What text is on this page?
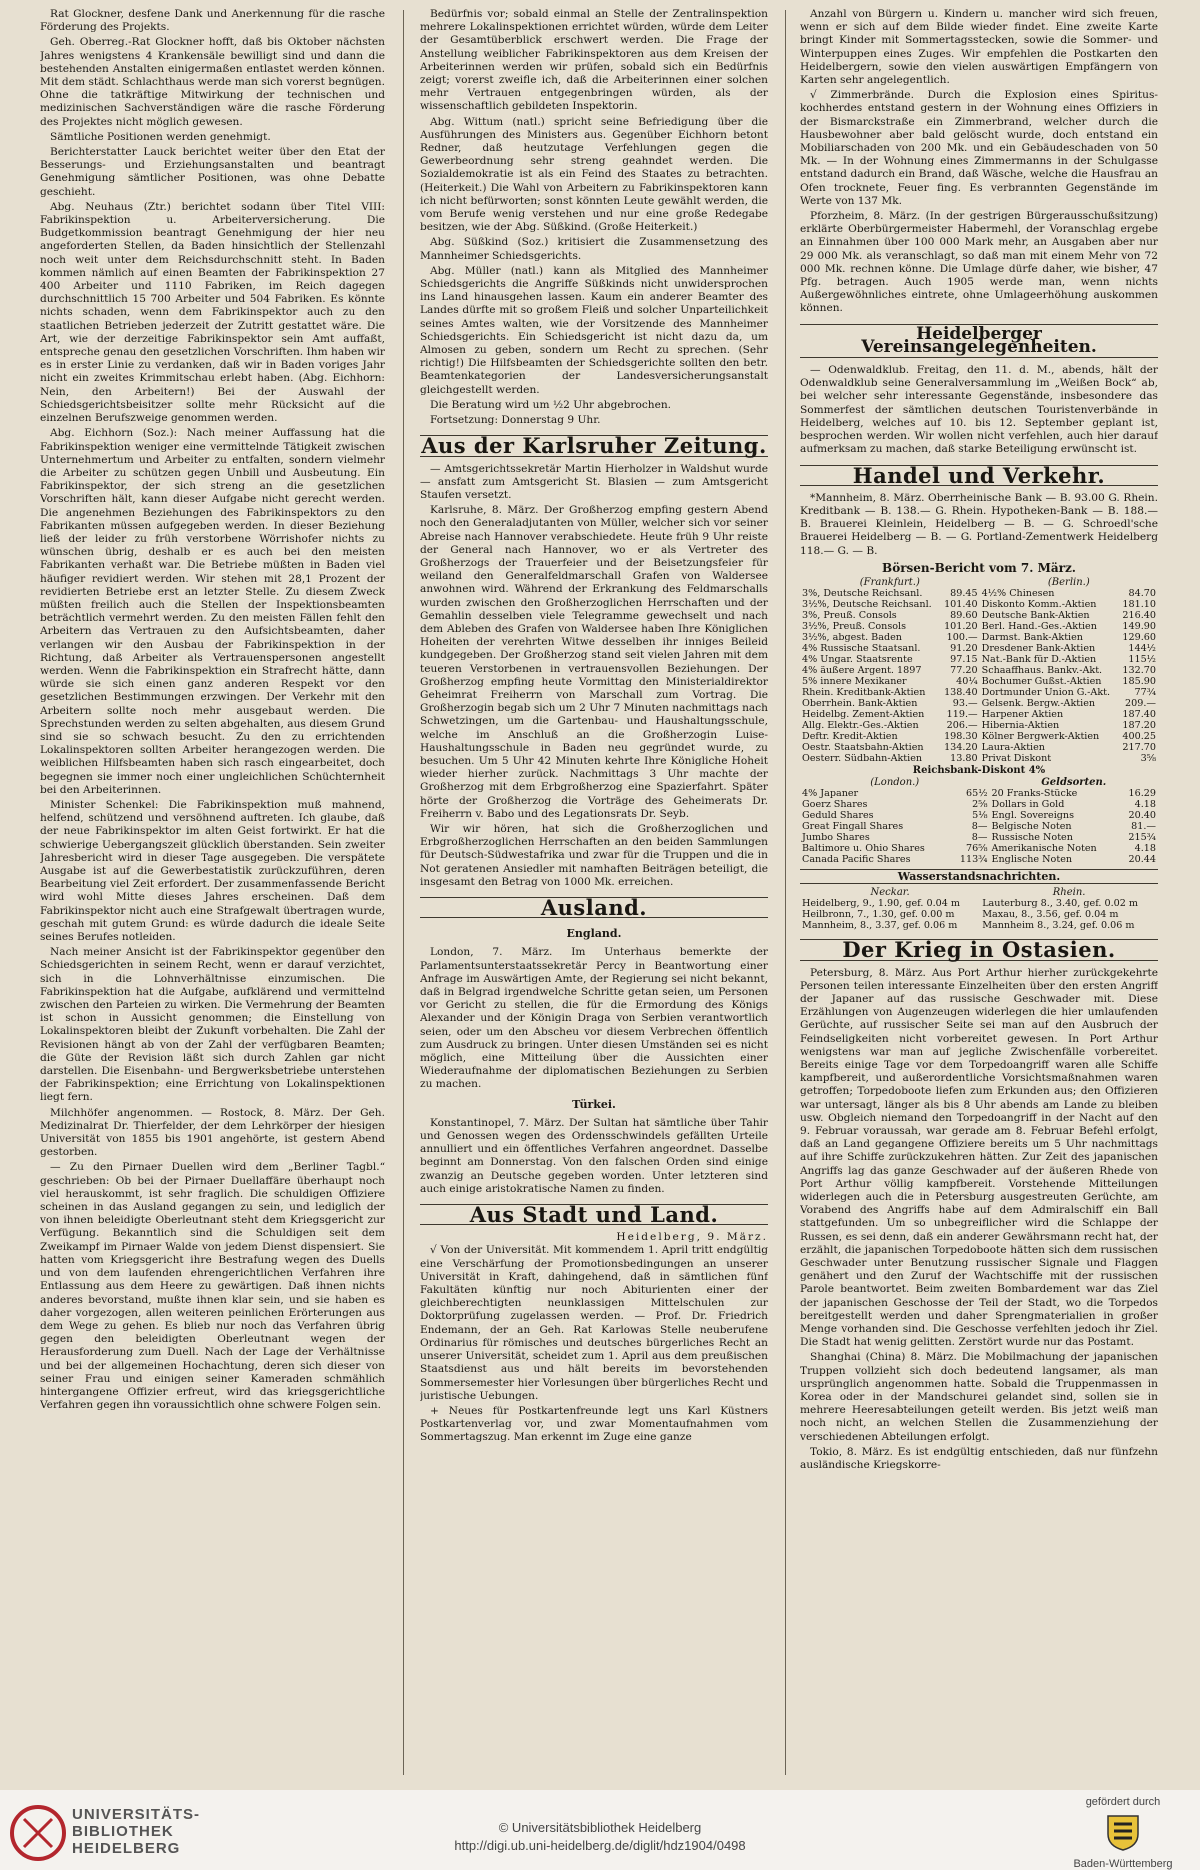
Rat Glockner, desfene Dank und Anerkennung für die rasche Förderung des Projekts.

Geh. Oberreg.-Rat Glockner hofft, daß bis Oktober nächsten Jahres wenigstens 4 Krankensäle bewilligt sind und dann die bestehenden Anstalten einigermaßen entlastet werden können. Mit dem städt. Schlachthaus werde man sich vorerst begnügen. Ohne die tatkräftige Mitwirkung der technischen und medizinischen Sachverständigen wäre die rasche Förderung des Projektes nicht möglich gewesen.

Sämtliche Positionen werden genehmigt.

Berichterstatter Lauck berichtet weiter über den Etat der Besserungs- und Erziehungsanstalten und beantragt Genehmigung sämtlicher Positionen, was ohne Debatte geschieht.

Abg. Neuhaus (Ztr.) berichtet sodann über Titel VIII: Fabrikinspektion u. Arbeiterversicherung. Die Budgetkommission beantragt Genehmigung der hier neu angeforderten Stellen, da Baden hinsichtlich der Stellenzahl noch weit unter dem Reichsdurchschnitt steht. In Baden kommen nämlich auf einen Beamten der Fabrikinspektion 27 400 Arbeiter und 1110 Fabriken, im Reich dagegen durchschnittlich 15 700 Arbeiter und 504 Fabriken. Es könnte nichts schaden, wenn dem Fabrikinspektor auch zu den staatlichen Betrieben jederzeit der Zutritt gestattet wäre. Die Art, wie der derzeitige Fabrikinspektor sein Amt auffaßt, entspreche genau den gesetzlichen Vorschriften. Ihm haben wir es in erster Linie zu verdanken, daß wir in Baden voriges Jahr nicht ein zweites Krimmitschau erlebt haben. (Abg. Eichhorn: Nein, den Arbeitern!) Bei der Auswahl der Schiedsgerichtsbeisitzer sollte mehr Rücksicht auf die einzelnen Berufszweige genommen werden.

Abg. Eichhorn (Soz.): Nach meiner Auffassung hat die Fabrikinspektion weniger eine vermittelnde Tätigkeit zwischen Unternehmertum und Arbeiter zu entfalten, sondern vielmehr die Arbeiter zu schützen gegen Unbill und Ausbeutung. Ein Fabrikinspektor, der sich streng an die gesetzlichen Vorschriften hält, kann dieser Aufgabe nicht gerecht werden. Die angenehmen Beziehungen des Fabrikinspektors zu den Fabrikanten müssen aufgegeben werden. In dieser Beziehung ließ der leider zu früh verstorbene Wörrishofer nichts zu wünschen übrig, deshalb er es auch bei den meisten Fabrikanten verhaßt war. Die Betriebe müßten in Baden viel häufiger revidiert werden. Wir stehen mit 28,1 Prozent der revidierten Betriebe erst an letzter Stelle. Zu diesem Zweck müßten freilich auch die Stellen der Inspektionsbeamten beträchtlich vermehrt werden. Zu den meisten Fällen fehlt den Arbeitern das Vertrauen zu den Aufsichtsbeamten, daher verlangen wir den Ausbau der Fabrikinspektion in der Richtung, daß Arbeiter als Vertrauenspersonen angestellt werden. Wenn die Fabrikinspektion ein Strafrecht hätte, dann würde sie sich einen ganz anderen Respekt vor den gesetzlichen Bestimmungen erzwingen. Der Verkehr mit den Arbeitern sollte noch mehr ausgebaut werden. Die Sprechstunden werden zu selten abgehalten, aus diesem Grund sind sie so schwach besucht. Zu den zu errichtenden Lokalinspektoren sollten Arbeiter herangezogen werden. Die weiblichen Hilfsbeamten haben sich rasch eingearbeitet, doch begegnen sie immer noch einer ungleichlichen Schüchternheit bei den Arbeiterinnen.

Minister Schenkel: Die Fabrikinspektion muß mahnend, helfend, schützend und versöhnend auftreten. Ich glaube, daß der neue Fabrikinspektor im alten Geist fortwirkt. Er hat die schwierige Uebergangszeit glücklich überstanden. Sein zweiter Jahresbericht wird in dieser Tage ausgegeben. Die verspätete Ausgabe ist auf die Gewerbestatistik zurückzuführen, deren Bearbeitung viel Zeit erfordert. Der zusammenfassende Bericht wird wohl Mitte dieses Jahres erscheinen. Daß dem Fabrikinspektor nicht auch eine Strafgewalt übertragen wurde, geschah mit gutem Grund: es würde dadurch die ideale Seite seines Berufes notleiden.

Nach meiner Ansicht ist der Fabrikinspektor gegenüber den Schiedsgerichten in seinem Recht, wenn er darauf verzichtet, sich in die Lohnverhältnisse einzumischen. Die Fabrikinspektion hat die Aufgabe, aufklärend und vermittelnd zwischen den Parteien zu wirken. Die Vermehrung der Beamten ist schon in Aussicht genommen; die Einstellung von Lokalinspektoren bleibt der Zukunft vorbehalten. Die Zahl der Revisionen hängt ab von der Zahl der verfügbaren Beamten; die Güte der Revision läßt sich durch Zahlen gar nicht darstellen. Die Eisenbahn- und Bergwerksbetriebe unterstehen der Fabrikinspektion; eine Errichtung von Lokalinspektionen liegt fern.

Milchhöfer angenommen. — Rostock, 8. März. Der Geh. Medizinalrat Dr. Thierfelder, der dem Lehrkörper der hiesigen Universität von 1855 bis 1901 angehörte, ist gestern Abend gestorben.

— Zu den Pirnaer Duellen wird dem „Berliner Tagbl.“ geschrieben: Ob bei der Pirnaer Duellaffäre überhaupt noch viel herauskommt, ist sehr fraglich. Die schuldigen Offiziere scheinen in das Ausland gegangen zu sein, und lediglich der von ihnen beleidigte Oberleutnant steht dem Kriegsgericht zur Verfügung. Bekanntlich sind die Schuldigen seit dem Zweikampf im Pirnaer Walde von jedem Dienst dispensiert. Sie hatten vom Kriegsgericht ihre Bestrafung wegen des Duells und von dem laufenden ehrengerichtlichen Verfahren ihre Entlassung aus dem Heere zu gewärtigen. Daß ihnen nichts anderes bevorstand, mußte ihnen klar sein, und sie haben es daher vorgezogen, allen weiteren peinlichen Erörterungen aus dem Wege zu gehen. Es blieb nur noch das Verfahren übrig gegen den beleidigten Oberleutnant wegen der Herausforderung zum Duell. Nach der Lage der Verhältnisse und bei der allgemeinen Hochachtung, deren sich dieser von seiner Frau und einigen seiner Kameraden schmählich hintergangene Offizier erfreut, wird das kriegsgerichtliche Verfahren gegen ihn voraussichtlich ohne schwere Folgen sein.

Bedürfnis vor; sobald einmal an Stelle der Zentralinspektion mehrere Lokalinspektionen errichtet würden, würde dem Leiter der Gesamtüberblick erschwert werden. Die Frage der Anstellung weiblicher Fabrikinspektoren aus dem Kreisen der Arbeiterinnen werden wir prüfen, sobald sich ein Bedürfnis zeigt; vorerst zweifle ich, daß die Arbeiterinnen einer solchen mehr Vertrauen entgegenbringen würden, als der wissenschaftlich gebildeten Inspektorin.

Abg. Wittum (natl.) spricht seine Befriedigung über die Ausführungen des Ministers aus. Gegenüber Eichhorn betont Redner, daß heutzutage Verfehlungen gegen die Gewerbeordnung sehr streng geahndet werden. Die Sozialdemokratie ist als ein Feind des Staates zu betrachten. (Heiterkeit.) Die Wahl von Arbeitern zu Fabrikinspektoren kann ich nicht befürworten; sonst könnten Leute gewählt werden, die vom Berufe wenig verstehen und nur eine große Redegabe besitzen, wie der Abg. Süßkind. (Große Heiterkeit.)

Abg. Süßkind (Soz.) kritisiert die Zusammensetzung des Mannheimer Schiedsgerichts.

Abg. Müller (natl.) kann als Mitglied des Mannheimer Schiedsgerichts die Angriffe Süßkinds nicht unwidersprochen ins Land hinausgehen lassen. Kaum ein anderer Beamter des Landes dürfte mit so großem Fleiß und solcher Unparteilichkeit seines Amtes walten, wie der Vorsitzende des Mannheimer Schiedsgerichts. Ein Schiedsgericht ist nicht dazu da, um Almosen zu geben, sondern um Recht zu sprechen. (Sehr richtig!) Die Hilfsbeamten der Schiedsgerichte sollten den betr. Beamtenkategorien der Landesversicherungsanstalt gleichgestellt werden.

Die Beratung wird um ½2 Uhr abgebrochen.

Fortsetzung: Donnerstag 9 Uhr.

Aus der Karlsruher Zeitung.

— Amtsgerichtssekretär Martin Hierholzer in Waldshut wurde — ansfatt zum Amtsgericht St. Blasien — zum Amtsgericht Staufen versetzt.

Karlsruhe, 8. März. Der Großherzog empfing gestern Abend noch den Generaladjutanten von Müller, welcher sich vor seiner Abreise nach Hannover verabschiedete. Heute früh 9 Uhr reiste der General nach Hannover, wo er als Vertreter des Großherzogs der Trauerfeier und der Beisetzungsfeier für weiland den Generalfeldmarschall Grafen von Waldersee anwohnen wird. Während der Erkrankung des Feldmarschalls wurden zwischen den Großherzoglichen Herrschaften und der Gemahlin desselben viele Telegramme gewechselt und nach dem Ableben des Grafen von Waldersee haben Ihre Königlichen Hoheiten der verehrten Witwe desselben ihr inniges Beileid kundgegeben. Der Großherzog stand seit vielen Jahren mit dem teueren Verstorbenen in vertrauensvollen Beziehungen. Der Großherzog empfing heute Vormittag den Ministerialdirektor Geheimrat Freiherrn von Marschall zum Vortrag. Die Großherzogin begab sich um 2 Uhr 7 Minuten nachmittags nach Schwetzingen, um die Gartenbau- und Haushaltungsschule, welche im Anschluß an die Großherzogin Luise-Haushaltungsschule in Baden neu gegründet wurde, zu besuchen. Um 5 Uhr 42 Minuten kehrte Ihre Königliche Hoheit wieder hierher zurück. Nachmittags 3 Uhr machte der Großherzog mit dem Erbgroßherzog eine Spazierfahrt. Später hörte der Großherzog die Vorträge des Geheimerats Dr. Freiherrn v. Babo und des Legationsrats Dr. Seyb.

Wir wir hören, hat sich die Großherzoglichen und Erbgroßherzoglichen Herrschaften an den beiden Sammlungen für Deutsch-Südwestafrika und zwar für die Truppen und die in Not geratenen Ansiedler mit namhaften Beiträgen beteiligt, die insgesamt den Betrag von 1000 Mk. erreichen.

Ausland.
England.

London, 7. März. Im Unterhaus bemerkte der Parlamentsunterstaatssekretär Percy in Beantwortung einer Anfrage im Auswärtigen Amte, der Regierung sei nicht bekannt, daß in Belgrad irgendwelche Schritte getan seien, um Personen vor Gericht zu stellen, die für die Ermordung des Königs Alexander und der Königin Draga von Serbien verantwortlich seien, oder um den Abscheu vor diesem Verbrechen öffentlich zum Ausdruck zu bringen. Unter diesen Umständen sei es nicht möglich, eine Mitteilung über die Aussichten einer Wiederaufnahme der diplomatischen Beziehungen zu Serbien zu machen.

Türkei.

Konstantinopel, 7. März. Der Sultan hat sämtliche über Tahir und Genossen wegen des Ordensschwindels gefällten Urteile annulliert und ein öffentliches Verfahren angeordnet. Dasselbe beginnt am Donnerstag. Von den falschen Orden sind einige zwanzig an Deutsche gegeben worden. Unter letzteren sind auch einige aristokratische Namen zu finden.

Aus Stadt und Land.
Heidelberg, 9. März.

√ Von der Universität. Mit kommendem 1. April tritt endgültig eine Verschärfung der Promotionsbedingungen an unserer Universität in Kraft, dahingehend, daß in sämtlichen fünf Fakultäten künftig nur noch Abiturienten einer der gleichberechtigten neunklassigen Mittelschulen zur Doktorprüfung zugelassen werden. — Prof. Dr. Friedrich Endemann, der an Geh. Rat Karlowas Stelle neuberufene Ordinarius für römisches und deutsches bürgerliches Recht an unserer Universität, scheidet zum 1. April aus dem preußischen Staatsdienst aus und hält bereits im bevorstehenden Sommersemester hier Vorlesungen über bürgerliches Recht und juristische Uebungen.

+ Neues für Postkartenfreunde legt uns Karl Küstners Postkartenverlag vor, und zwar Momentaufnahmen vom Sommertagszug. Man erkennt im Zuge eine ganze

Anzahl von Bürgern u. Kindern u. mancher wird sich freuen, wenn er sich auf dem Bilde wieder findet. Eine zweite Karte bringt Kinder mit Sommertagsstecken, sowie die Sommer- und Winterpuppen eines Zuges. Wir empfehlen die Postkarten den Heidelbergern, sowie den vielen auswärtigen Empfängern von Karten sehr angelegentlich.

√ Zimmerbrände. Durch die Explosion eines Spiritus-kochherdes entstand gestern in der Wohnung eines Offiziers in der Bismarckstraße ein Zimmerbrand, welcher durch die Hausbewohner aber bald gelöscht wurde, doch entstand ein Mobiliarschaden von 200 Mk. und ein Gebäudeschaden von 50 Mk. — In der Wohnung eines Zimmermanns in der Schulgasse entstand dadurch ein Brand, daß Wäsche, welche die Hausfrau an Ofen trocknete, Feuer fing. Es verbrannten Gegenstände im Werte von 137 Mk.

Pforzheim, 8. März. (In der gestrigen Bürgerausschußsitzung) erklärte Oberbürgermeister Habermehl, der Voranschlag ergebe an Einnahmen über 100 000 Mark mehr, an Ausgaben aber nur 29 000 Mk. als veranschlagt, so daß man mit einem Mehr von 72 000 Mk. rechnen könne. Die Umlage dürfe daher, wie bisher, 47 Pfg. betragen. Auch 1905 werde man, wenn nichts Außergewöhnliches eintrete, ohne Umlageerhöhung auskommen können.

Heidelberger Vereinsangelegenheiten.

— Odenwaldklub. Freitag, den 11. d. M., abends, hält der Odenwaldklub seine Generalversammlung im „Weißen Bock“ ab, bei welcher sehr interessante Gegenstände, insbesondere das Sommerfest der sämtlichen deutschen Touristenverbände in Heidelberg, welches auf 10. bis 12. September geplant ist, besprochen werden. Wir wollen nicht verfehlen, auch hier darauf aufmerksam zu machen, daß starke Beteiligung erwünscht ist.

Handel und Verkehr.

*Mannheim, 8. März. Oberrheinische Bank — B. 93.00 G. Rhein. Kreditbank — B. 138.— G. Rhein. Hypotheken-Bank — B. 188.— B. Brauerei Kleinlein, Heidelberg — B. — G. Schroedl'sche Brauerei Heidelberg — B. — G. Portland-Zementwerk Heidelberg 118.— G. — B.

Börsen-Bericht vom 7. März.
(Frankfurt.)		(Berlin.)	
3%, Deutsche Reichsanl.	89.45	4½% Chinesen	84.70
3½%, Deutsche Reichsanl.	101.40	Diskonto Komm.-Aktien	181.10
3%, Preuß. Consols	89.60	Deutsche Bank-Aktien	216.40
3½%, Preuß. Consols	101.20	Berl. Hand.-Ges.-Aktien	149.90
3½%, abgest. Baden	100.—	Darmst. Bank-Aktien	129.60
4% Russische Staatsanl.	91.20	Dresdener Bank-Aktien	144½
4% Ungar. Staatsrente	97.15	Nat.-Bank für D.-Aktien	115½
4% äußere Argent. 1897	77.20	Schaaffhaus. Bankv.-Akt.	132.70
5% innere Mexikaner	40¼	Bochumer Gußst.-Aktien	185.90
Rhein. Kreditbank-Aktien	138.40	Dortmunder Union G.-Akt.	77¾
Oberrhein. Bank-Aktien	93.—	Gelsenk. Bergw.-Aktien	209.—
Heidelbg. Zement-Aktien	119.—	Harpener Aktien	187.40
Allg. Elektr.-Ges.-Aktien	206.—	Hibernia-Aktien	187.20
Deftr. Kredit-Aktien	198.30	Kölner Bergwerk-Aktien	400.25
Oestr. Staatsbahn-Aktien	134.20	Laura-Aktien	217.70
Oesterr. Südbahn-Aktien	13.80	Privat Diskont	3⅝
Reichsbank-Diskont 4%
(London.)		Geldsorten.	
4% Japaner	65½	20 Franks-Stücke	16.29
Goerz Shares	2⅝	Dollars in Gold	4.18
Geduld Shares	5⅛	Engl. Sovereigns	20.40
Great Fingall Shares	8—	Belgische Noten	81.—
Jumbo Shares	8—	Russische Noten	215¾
Baltimore u. Ohio Shares	76⅝	Amerikanische Noten	4.18
Canada Pacific Shares	113¾	Englische Noten	20.44
Wasserstandsnachrichten.
Neckar.	Rhein.
Heidelberg, 9., 1.90, gef. 0.04 m	Lauterburg 8., 3.40, gef. 0.02 m
Heilbronn, 7., 1.30, gef. 0.00 m	Maxau, 8., 3.56, gef. 0.04 m
Mannheim, 8., 3.37, gef. 0.06 m	Mannheim 8., 3.24, gef. 0.06 m
Der Krieg in Ostasien.

Petersburg, 8. März. Aus Port Arthur hierher zurückgekehrte Personen teilen interessante Einzelheiten über den ersten Angriff der Japaner auf das russische Geschwader mit. Diese Erzählungen von Augenzeugen widerlegen die hier umlaufenden Gerüchte, auf russischer Seite sei man auf den Ausbruch der Feindseligkeiten nicht vorbereitet gewesen. In Port Arthur wenigstens war man auf jegliche Zwischenfälle vorbereitet. Bereits einige Tage vor dem Torpedoangriff waren alle Schiffe kampfbereit, und außerordentliche Vorsichtsmaßnahmen waren getroffen; Torpedoboote liefen zum Erkunden aus; den Offizieren war untersagt, länger als bis 8 Uhr abends am Lande zu bleiben usw. Obgleich niemand den Torpedoangriff in der Nacht auf den 9. Februar voraussah, war gerade am 8. Februar Befehl erfolgt, daß an Land gegangene Offiziere bereits um 5 Uhr nachmittags auf ihre Schiffe zurückzukehren hätten. Zur Zeit des japanischen Angriffs lag das ganze Geschwader auf der äußeren Rhede von Port Arthur völlig kampfbereit. Vorstehende Mitteilungen widerlegen auch die in Petersburg ausgestreuten Gerüchte, am Vorabend des Angriffs habe auf dem Admiralschiff ein Ball stattgefunden. Um so unbegreiflicher wird die Schlappe der Russen, es sei denn, daß ein anderer Gewährsmann recht hat, der erzählt, die japanischen Torpedoboote hätten sich dem russischen Geschwader unter Benutzung russischer Signale und Flaggen genähert und den Zuruf der Wachtschiffe mit der russischen Parole beantwortet. Beim zweiten Bombardement war das Ziel der japanischen Geschosse der Teil der Stadt, wo die Torpedos bereitgestellt werden und daher Sprengmaterialien in großer Menge vorhanden sind. Die Geschosse verfehlten jedoch ihr Ziel. Die Stadt hat wenig gelitten. Zerstört wurde nur das Postamt.

Shanghai (China) 8. März. Die Mobilmachung der japanischen Truppen vollzieht sich doch bedeutend langsamer, als man ursprünglich angenommen hatte. Sobald die Truppenmassen in Korea oder in der Mandschurei gelandet sind, sollen sie in mehrere Heeresabteilungen geteilt werden. Bis jetzt weiß man noch nicht, an welchen Stellen die Zusammenziehung der verschiedenen Abteilungen erfolgt.

Tokio, 8. März. Es ist endgültig entschieden, daß nur fünfzehn ausländische Kriegskorre-

UNIVERSITÄTS-
BIBLIOTHEK
HEIDELBERG
© Universitätsbibliothek Heidelberg
http://digi.ub.uni-heidelberg.de/diglit/hdz1904/0498
gefördert durch
Baden-Württemberg
